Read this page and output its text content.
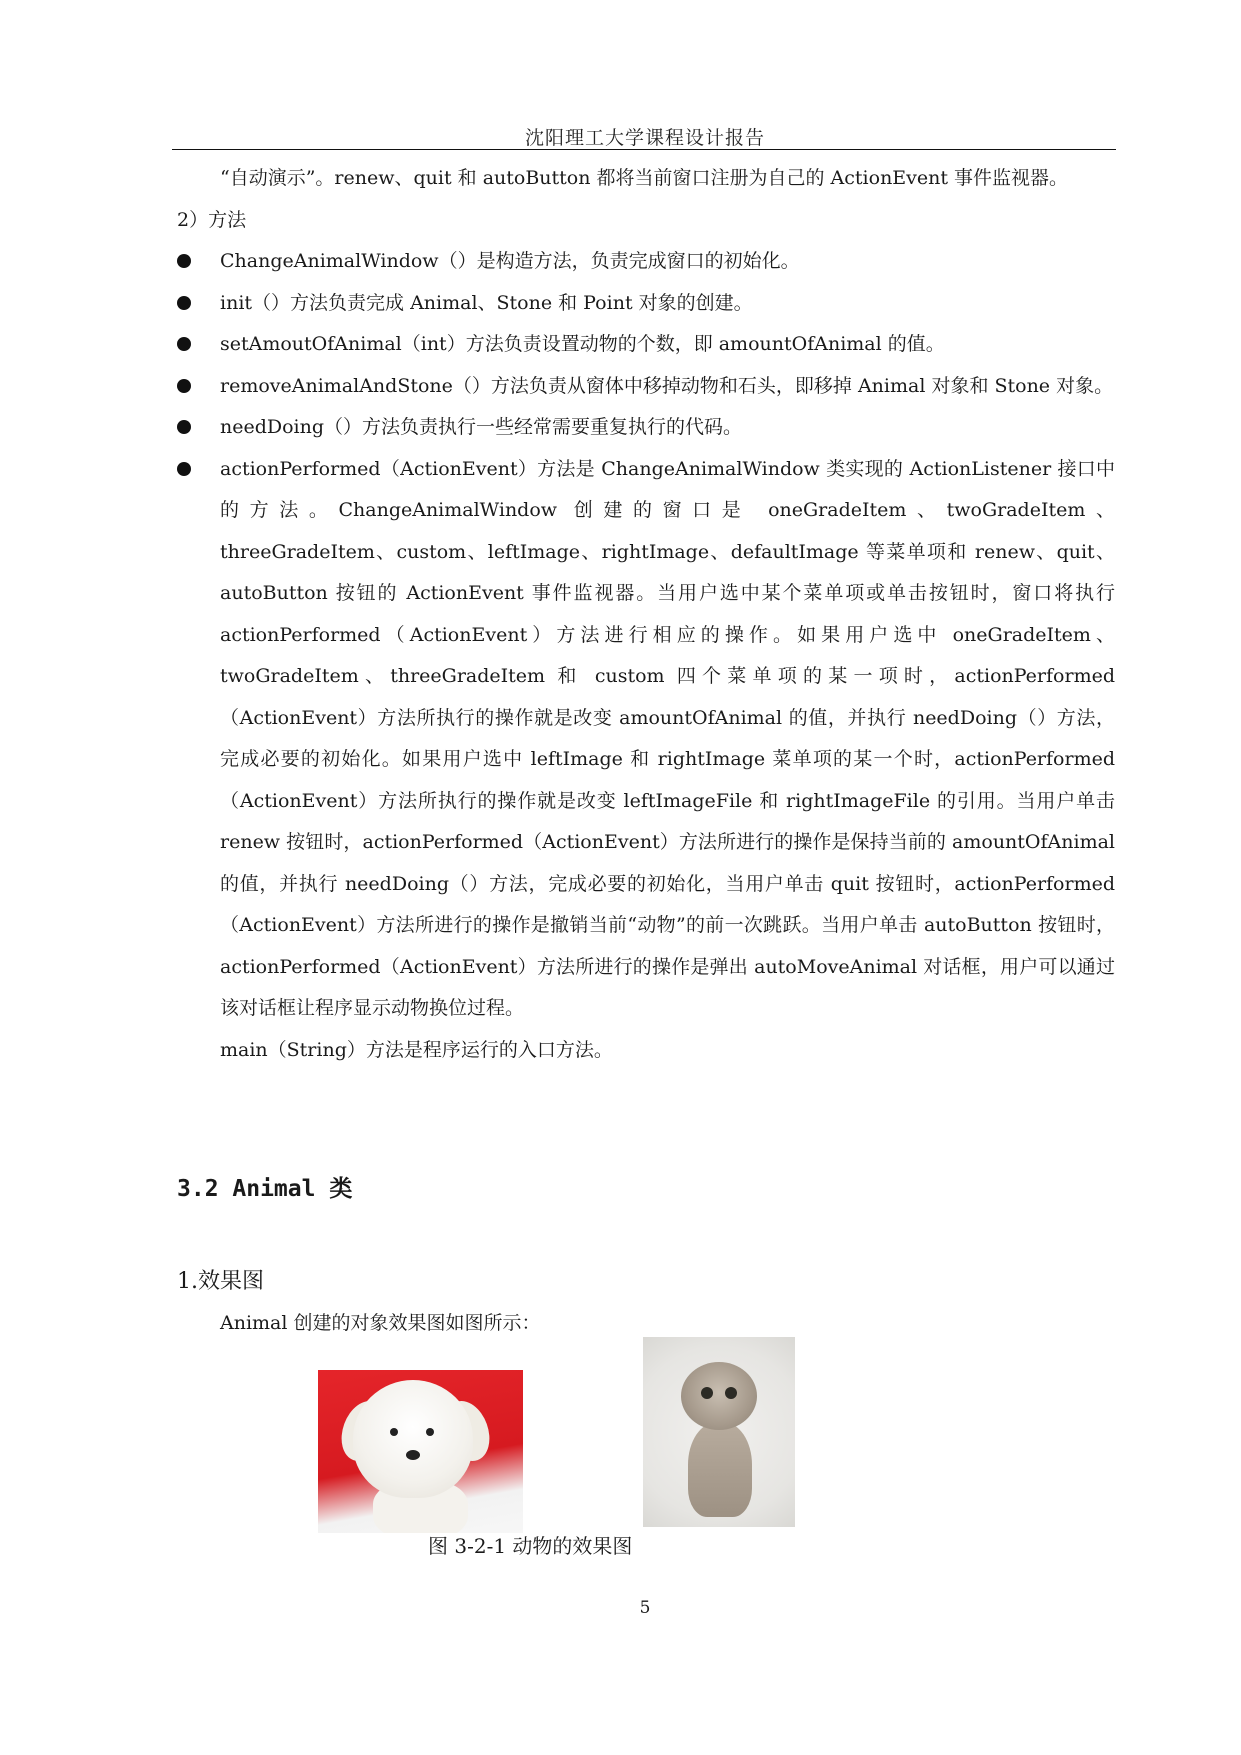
沈阳理工大学课程设计报告

“自动演示”。renew、quit 和 autoButton 都将当前窗口注册为自己的 ActionEvent 事件监视器。

2）方法

ChangeAnimalWindow（）是构造方法，负责完成窗口的初始化。
init（）方法负责完成 Animal、Stone 和 Point 对象的创建。
setAmoutOfAnimal（int）方法负责设置动物的个数，即 amountOfAnimal 的值。
removeAnimalAndStone（）方法负责从窗体中移掉动物和石头，即移掉 Animal 对象和 Stone 对象。
needDoing（）方法负责执行一些经常需要重复执行的代码。
actionPerformed（ActionEvent）方法是 ChangeAnimalWindow 类实现的 ActionListener 接口中的方法。ChangeAnimalWindow 创建的窗口是 oneGradeItem、twoGradeItem、threeGradeItem、custom、leftImage、rightImage、defaultImage 等菜单项和 renew、quit、autoButton 按钮的 ActionEvent 事件监视器。当用户选中某个菜单项或单击按钮时，窗口将执行 actionPerformed（ActionEvent）方法进行相应的操作。如果用户选中 oneGradeItem、twoGradeItem、threeGradeItem 和 custom 四个菜单项的某一项时，actionPerformed（ActionEvent）方法所执行的操作就是改变 amountOfAnimal 的值，并执行 needDoing（）方法，完成必要的初始化。如果用户选中 leftImage 和 rightImage 菜单项的某一个时，actionPerformed（ActionEvent）方法所执行的操作就是改变 leftImageFile 和 rightImageFile 的引用。当用户单击 renew 按钮时，actionPerformed（ActionEvent）方法所进行的操作是保持当前的 amountOfAnimal 的值，并执行 needDoing（）方法，完成必要的初始化，当用户单击 quit 按钮时，actionPerformed（ActionEvent）方法所进行的操作是撤销当前“动物”的前一次跳跃。当用户单击 autoButton 按钮时，actionPerformed（ActionEvent）方法所进行的操作是弹出 autoMoveAnimal 对话框，用户可以通过该对话框让程序显示动物换位过程。

main（String）方法是程序运行的入口方法。

3.2 Animal 类
1.效果图
Animal 创建的对象效果图如图所示：
图 3-2-1 动物的效果图
5
